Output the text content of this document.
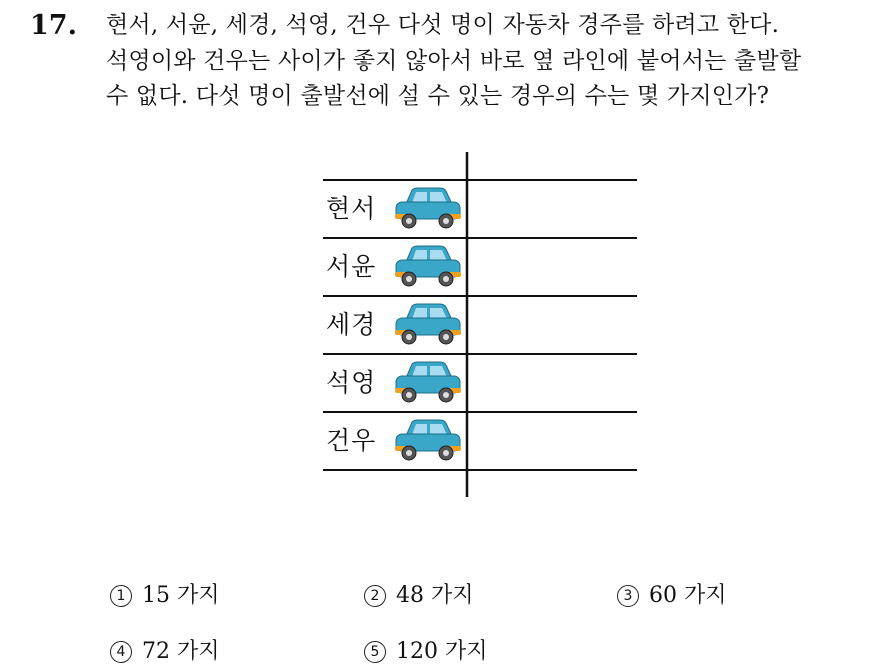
17. 현서, 서윤, 세경, 석영, 건우 다섯 명이 자동차 경주를 하려고 한다.
석영이와 건우는 사이가 좋지 않아서 바로 옆 라인에 붙어서는 출발할
수 없다. 다섯 명이 출발선에 설 수 있는 경우의 수는 몇 가지인가?
현서
서윤
세경
석영
건우
1 15 가지	2 48 가지	3 60 가지
4 72 가지	5 120 가지
